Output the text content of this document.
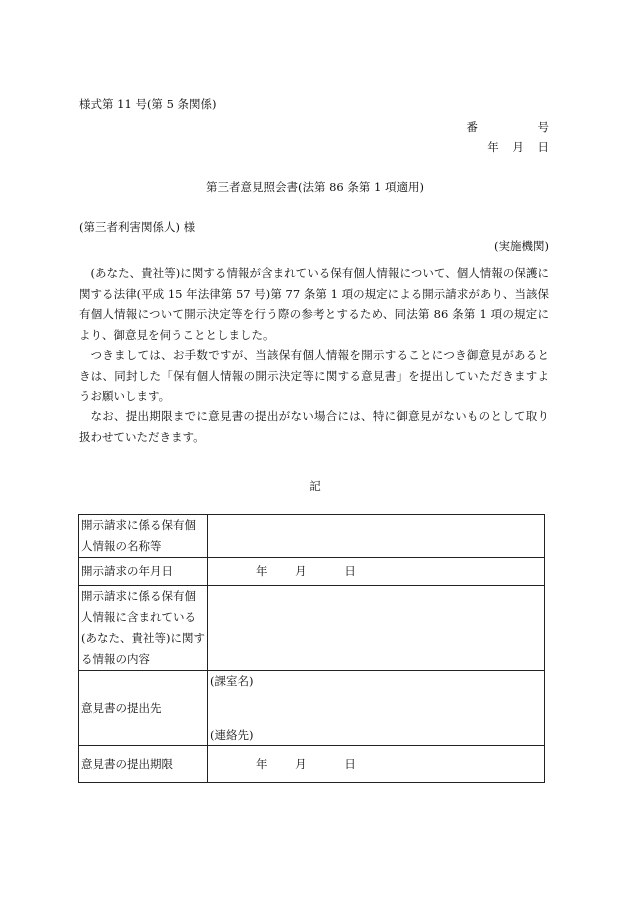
様式第 11 号(第 5 条関係)
番 号
年 月 日
第三者意見照会書(法第 86 条第 1 項適用)
(第三者利害関係人) 様
(実施機関)
(あなた、貴社等)に関する情報が含まれている保有個人情報について、個人情報の保護に関する法律(平成 15 年法律第 57 号)第 77 条第 1 項の規定による開示請求があり、当該保有個人情報について開示決定等を行う際の参考とするため、同法第 86 条第 1 項の規定により、御意見を伺うこととしました。
つきましては、お手数ですが、当該保有個人情報を開示することにつき御意見があるときは、同封した「保有個人情報の開示決定等に関する意見書」を提出していただきますようお願いします。
なお、提出期限までに意見書の提出がない場合には、特に御意見がないものとして取り扱わせていただきます。
記
開示請求に係る保有個人情報の名称等	
開示請求の年月日	年 月 日
開示請求に係る保有個人情報に含まれている(あなた、貴社等)に関する情報の内容	
意見書の提出先	(課室名)
(連絡先)

意見書の提出期限	年 月 日
